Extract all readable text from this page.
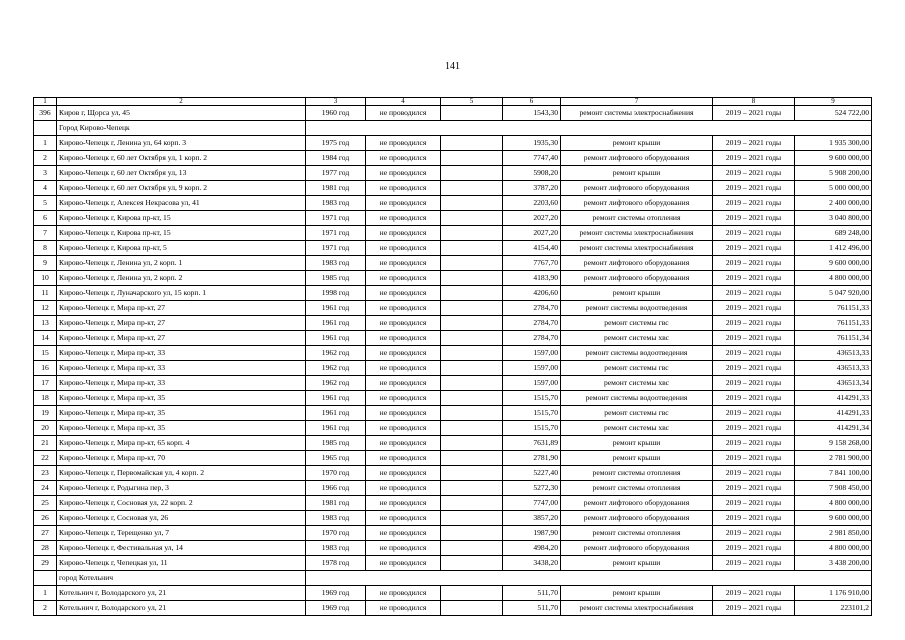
141
1	2	3	4	5	6	7	8	9
396	Киров г, Щорса ул, 45	1960 год	не проводился		1543,30	ремонт системы электроснабжения	2019 – 2021 годы	524 722,00
	Город Кирово-Чепецк							
1	Кирово-Чепецк г, Ленина ул, 64 корп. 3	1975 год	не проводился		1935,30	ремонт крыши	2019 – 2021 годы	1 935 300,00
2	Кирово-Чепецк г, 60 лет Октября ул, 1 корп. 2	1984 год	не проводился		7747,40	ремонт лифтового оборудования	2019 – 2021 годы	9 600 000,00
3	Кирово-Чепецк г, 60 лет Октября ул, 13	1977 год	не проводился		5908,20	ремонт крыши	2019 – 2021 годы	5 908 200,00
4	Кирово-Чепецк г, 60 лет Октября ул, 9 корп. 2	1981 год	не проводился		3787,20	ремонт лифтового оборудования	2019 – 2021 годы	5 000 000,00
5	Кирово-Чепецк г, Алексея Некрасова ул, 41	1983 год	не проводился		2203,60	ремонт лифтового оборудования	2019 – 2021 годы	2 400 000,00
6	Кирово-Чепецк г, Кирова пр-кт, 15	1971 год	не проводился		2027,20	ремонт системы отопления	2019 – 2021 годы	3 040 800,00
7	Кирово-Чепецк г, Кирова пр-кт, 15	1971 год	не проводился		2027,20	ремонт системы электроснабжения	2019 – 2021 годы	689 248,00
8	Кирово-Чепецк г, Кирова пр-кт, 5	1971 год	не проводился		4154,40	ремонт системы электроснабжения	2019 – 2021 годы	1 412 496,00
9	Кирово-Чепецк г, Ленина ул, 2 корп. 1	1983 год	не проводился		7767,70	ремонт лифтового оборудования	2019 – 2021 годы	9 600 000,00
10	Кирово-Чепецк г, Ленина ул, 2 корп. 2	1985 год	не проводился		4183,90	ремонт лифтового оборудования	2019 – 2021 годы	4 800 000,00
11	Кирово-Чепецк г, Луначарского ул, 15 корп. 1	1998 год	не проводился		4206,60	ремонт крыши	2019 – 2021 годы	5 047 920,00
12	Кирово-Чепецк г, Мира пр-кт, 27	1961 год	не проводился		2784,70	ремонт системы водоотведения	2019 – 2021 годы	761151,33
13	Кирово-Чепецк г, Мира пр-кт, 27	1961 год	не проводился		2784,70	ремонт системы гвс	2019 – 2021 годы	761151,33
14	Кирово-Чепецк г, Мира пр-кт, 27	1961 год	не проводился		2784,70	ремонт системы хвс	2019 – 2021 годы	761151,34
15	Кирово-Чепецк г, Мира пр-кт, 33	1962 год	не проводился		1597,00	ремонт системы водоотведения	2019 – 2021 годы	436513,33
16	Кирово-Чепецк г, Мира пр-кт, 33	1962 год	не проводился		1597,00	ремонт системы гвс	2019 – 2021 годы	436513,33
17	Кирово-Чепецк г, Мира пр-кт, 33	1962 год	не проводился		1597,00	ремонт системы хвс	2019 – 2021 годы	436513,34
18	Кирово-Чепецк г, Мира пр-кт, 35	1961 год	не проводился		1515,70	ремонт системы водоотведения	2019 – 2021 годы	414291,33
19	Кирово-Чепецк г, Мира пр-кт, 35	1961 год	не проводился		1515,70	ремонт системы гвс	2019 – 2021 годы	414291,33
20	Кирово-Чепецк г, Мира пр-кт, 35	1961 год	не проводился		1515,70	ремонт системы хвс	2019 – 2021 годы	414291,34
21	Кирово-Чепецк г, Мира пр-кт, 65 корп. 4	1985 год	не проводился		7631,89	ремонт крыши	2019 – 2021 годы	9 158 268,00
22	Кирово-Чепецк г, Мира пр-кт, 70	1965 год	не проводился		2781,90	ремонт крыши	2019 – 2021 годы	2 781 900,00
23	Кирово-Чепецк г, Первомайская ул, 4 корп. 2	1970 год	не проводился		5227,40	ремонт системы отопления	2019 – 2021 годы	7 841 100,00
24	Кирово-Чепецк г, Родыгина пер, 3	1966 год	не проводился		5272,30	ремонт системы отопления	2019 – 2021 годы	7 908 450,00
25	Кирово-Чепецк г, Сосновая ул, 22 корп. 2	1981 год	не проводился		7747,00	ремонт лифтового оборудования	2019 – 2021 годы	4 800 000,00
26	Кирово-Чепецк г, Сосновая ул, 26	1983 год	не проводился		3857,20	ремонт лифтового оборудования	2019 – 2021 годы	9 600 000,00
27	Кирово-Чепецк г, Терещенко ул, 7	1970 год	не проводился		1987,90	ремонт системы отопления	2019 – 2021 годы	2 981 850,00
28	Кирово-Чепецк г, Фестивальная ул, 14	1983 год	не проводился		4984,20	ремонт лифтового оборудования	2019 – 2021 годы	4 800 000,00
29	Кирово-Чепецк г, Чепецкая ул, 11	1978 год	не проводился		3438,20	ремонт крыши	2019 – 2021 годы	3 438 200,00
	город Котельнич							
1	Котельнич г, Володарского ул, 21	1969 год	не проводился		511,70	ремонт крыши	2019 – 2021 годы	1 176 910,00
2	Котельнич г, Володарского ул, 21	1969 год	не проводился		511,70	ремонт системы электроснабжения	2019 – 2021 годы	223101,2
